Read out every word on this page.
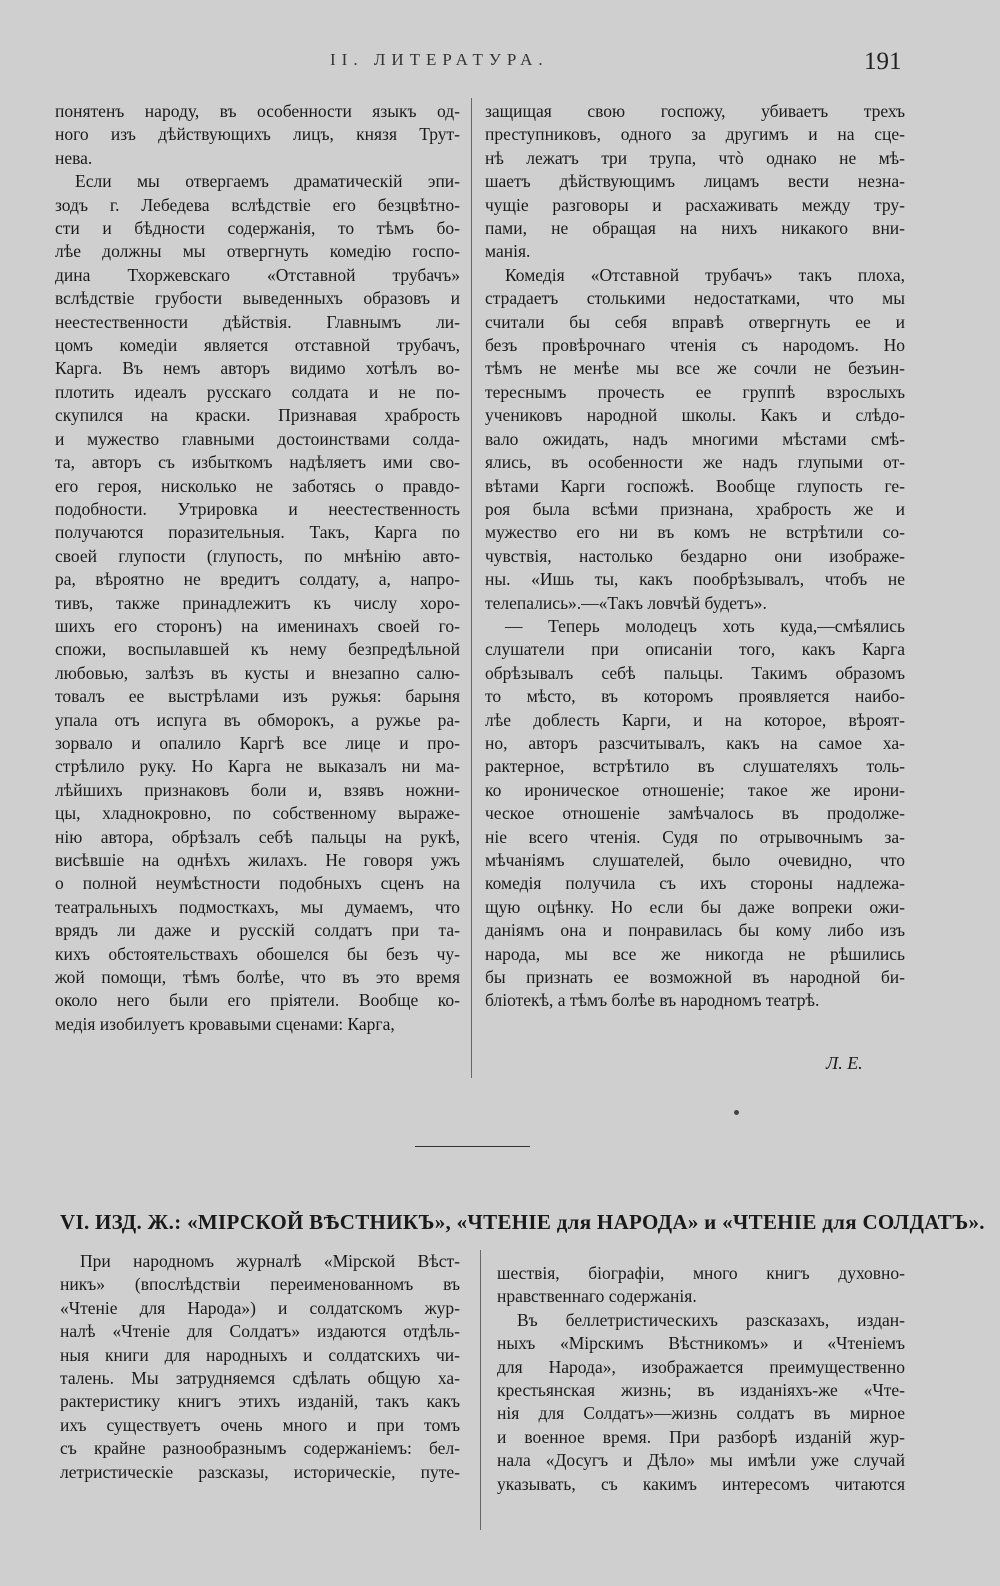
II. ЛИТЕРАТУРА.	191
понятенъ народу, въ особенности языкъ од-
ного изъ дѣйствующихъ лицъ, князя Трут-
нева.
Если мы отвергаемъ драматическій эпи-
зодъ г. Лебедева вслѣдствіе его безцвѣтно-
сти и бѣдности содержанія, то тѣмъ бо-
лѣе должны мы отвергнуть комедію госпо-
дина Тхоржевскаго «Отставной трубачъ»
вслѣдствіе грубости выведенныхъ образовъ и
неестественности дѣйствія. Главнымъ ли-
цомъ комедіи является отставной трубачъ,
Карга. Въ немъ авторъ видимо хотѣлъ во-
плотить идеалъ русскаго солдата и не по-
скупился на краски. Признавая храбрость
и мужество главными достоинствами солда-
та, авторъ съ избыткомъ надѣляетъ ими сво-
его героя, нисколько не заботясь о правдо-
подобности. Утрировка и неестественность
получаются поразительныя. Такъ, Карга по
своей глупости (глупость, по мнѣнію авто-
ра, вѣроятно не вредитъ солдату, а, напро-
тивъ, также принадлежитъ къ числу хоро-
шихъ его сторонъ) на именинахъ своей го-
спожи, воспылавшей къ нему безпредѣльной
любовью, залѣзъ въ кусты и внезапно салю-
товалъ ее выстрѣлами изъ ружья: барыня
упала отъ испуга въ обморокъ, а ружье ра-
зорвало и опалило Каргѣ все лице и про-
стрѣлило руку. Но Карга не выказалъ ни ма-
лѣйшихъ признаковъ боли и, взявъ ножни-
цы, хладнокровно, по собственному выраже-
нію автора, обрѣзалъ себѣ пальцы на рукѣ,
висѣвшіе на однѣхъ жилахъ. Не говоря ужъ
о полной неумѣстности подобныхъ сценъ на
театральныхъ подмосткахъ, мы думаемъ, что
врядъ ли даже и русскій солдатъ при та-
кихъ обстоятельствахъ обошелся бы безъ чу-
жой помощи, тѣмъ болѣе, что въ это время
около него были его пріятели. Вообще ко-
медія изобилуетъ кровавыми сценами: Карга,
защищая свою госпожу, убиваетъ трехъ
преступниковъ, одного за другимъ и на сце-
нѣ лежатъ три трупа, чтò однако не мѣ-
шаетъ дѣйствующимъ лицамъ вести незна-
чущіе разговоры и расхаживать между тру-
пами, не обращая на нихъ никакого вни-
манія.
Комедія «Отставной трубачъ» такъ плоха,
страдаетъ столькими недостатками, что мы
считали бы себя вправѣ отвергнуть ее и
безъ провѣрочнаго чтенія съ народомъ. Но
тѣмъ не менѣе мы все же сочли не безъин-
тереснымъ прочесть ее группѣ взрослыхъ
учениковъ народной школы. Какъ и слѣдо-
вало ожидать, надъ многими мѣстами смѣ-
ялись, въ особенности же надъ глупыми от-
вѣтами Карги госпожѣ. Вообще глупость ге-
роя была всѣми признана, храбрость же и
мужество его ни въ комъ не встрѣтили со-
чувствія, настолько бездарно они изображе-
ны. «Ишь ты, какъ пообрѣзывалъ, чтобъ не
телепались».—«Такъ ловчѣй будетъ».
— Теперь молодецъ хоть куда,—смѣялись
слушатели при описаніи того, какъ Карга
обрѣзывалъ себѣ пальцы. Такимъ образомъ
то мѣсто, въ которомъ проявляется наибо-
лѣе доблесть Карги, и на которое, вѣроят-
но, авторъ разсчитывалъ, какъ на самое ха-
рактерное, встрѣтило въ слушателяхъ толь-
ко ироническое отношеніе; такое же ирони-
ческое отношеніе замѣчалось въ продолже-
ніе всего чтенія. Судя по отрывочнымъ за-
мѣчаніямъ слушателей, было очевидно, что
комедія получила съ ихъ стороны надлежа-
щую оцѣнку. Но если бы даже вопреки ожи-
даніямъ она и понравилась бы кому либо изъ
народа, мы все же никогда не рѣшились
бы признать ее возможной въ народной би-
бліотекѣ, а тѣмъ болѣе въ народномъ театрѣ.
Л. Е.
VI. ИЗД. Ж.: «МІРСКОЙ ВѢСТНИКЪ», «ЧТЕНІЕ для НАРОДА» и «ЧТЕНІЕ для СОЛДАТЪ».
При народномъ журналѣ «Мірской Вѣст-
никъ» (впослѣдствіи переименованномъ въ
«Чтеніе для Народа») и солдатскомъ жур-
налѣ «Чтеніе для Солдатъ» издаются отдѣль-
ныя книги для народныхъ и солдатскихъ чи-
талень. Мы затрудняемся сдѣлать общую ха-
рактеристику книгъ этихъ изданій, такъ какъ
ихъ существуетъ очень много и при томъ
съ крайне разнообразнымъ содержаніемъ: бел-
летристическіе разсказы, историческіе, путе-
шествія, біографіи, много книгъ духовно-
нравственнаго содержанія.
Въ беллетристическихъ разсказахъ, издан-
ныхъ «Мірскимъ Вѣстникомъ» и «Чтеніемъ
для Народа», изображается преимущественно
крестьянская жизнь; въ изданіяхъ-же «Чте-
нія для Солдатъ»—жизнь солдатъ въ мирное
и военное время. При разборѣ изданій жур-
нала «Досугъ и Дѣло» мы имѣли уже случай
указывать, съ какимъ интересомъ читаются
